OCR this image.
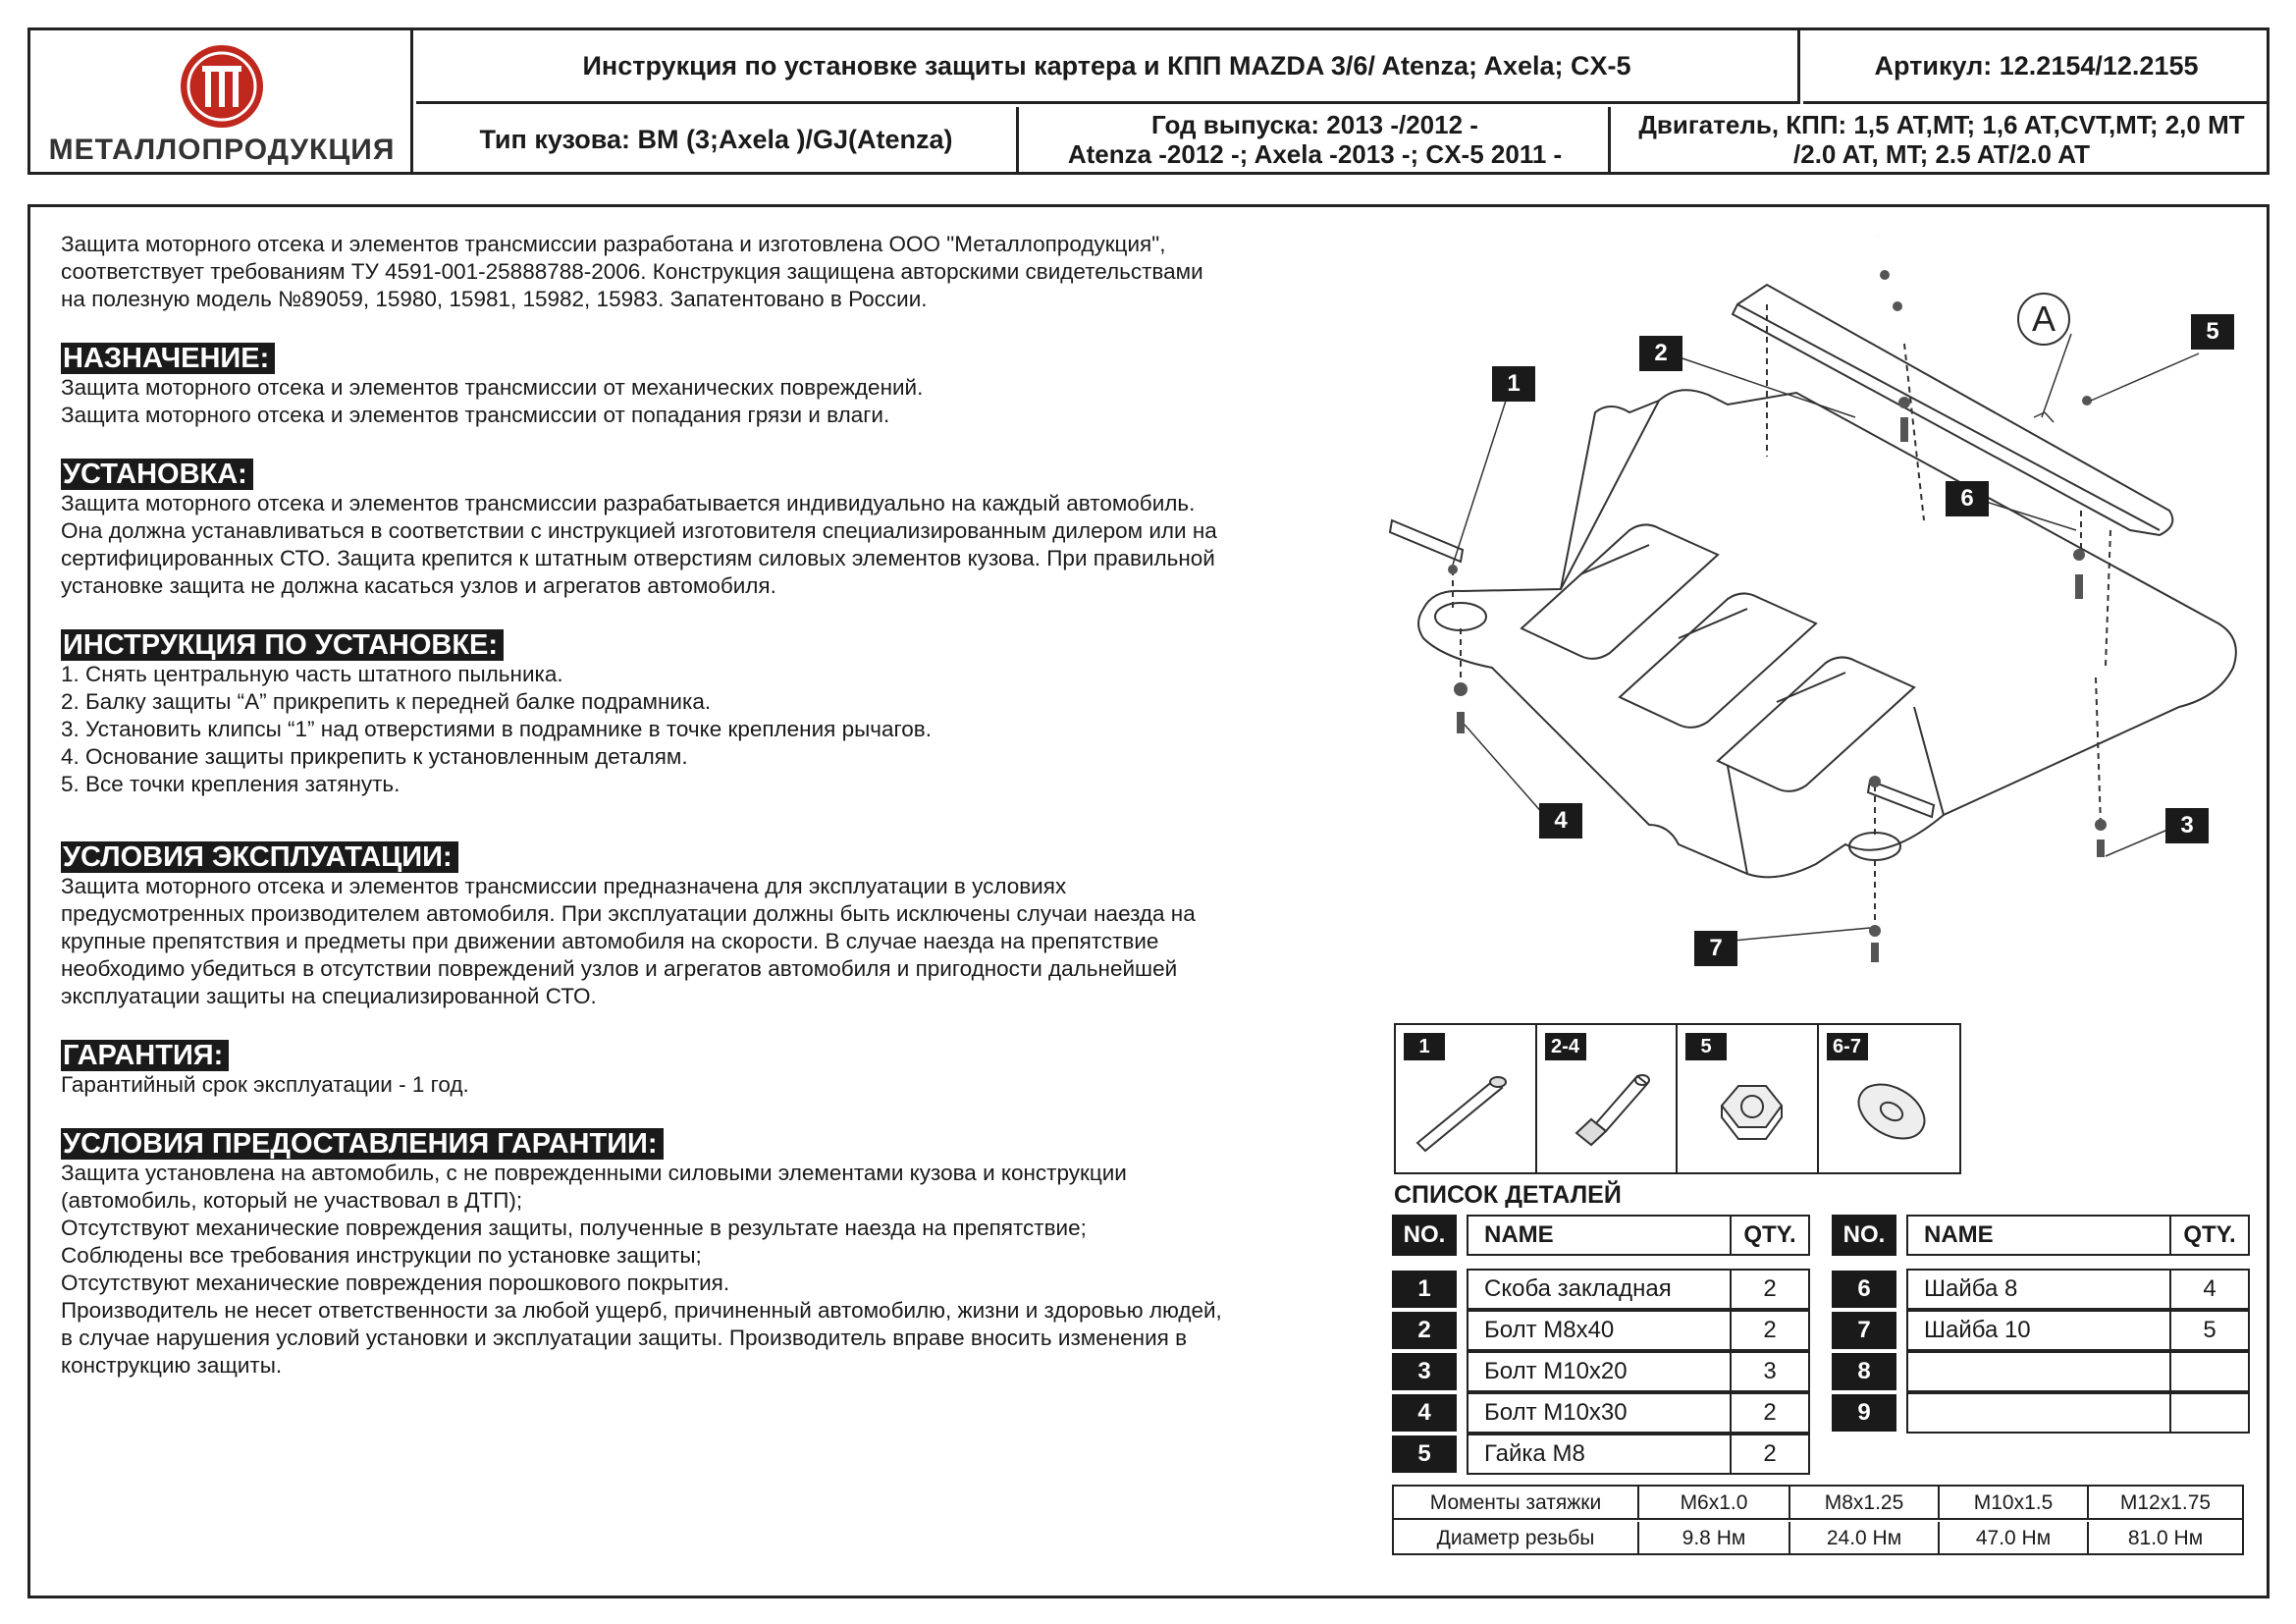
МЕТАЛЛОПРОДУКЦИЯ
Инструкция по установке защиты картера и КПП MAZDA 3/6/ Atenza; Axela; CX-5	Артикул: 12.2154/12.2155
Тип кузова: BM (3;Axela )/GJ(Atenza)	Год выпуска: 2013 -/2012 -
Atenza -2012 -; Axela -2013 -; CX-5 2011 -
Двигатель, КПП: 1,5 AT,MT; 1,6 AT,CVT,MT; 2,0 MT
/2.0 AT, MT; 2.5 AT/2.0 AT
Защита моторного отсека и элементов трансмиссии разработана и изготовлена ООО "Металлопродукция",
соответствует требованиям ТУ 4591-001-25888788-2006. Конструкция защищена авторскими свидетельствами
на полезную модель №89059, 15980, 15981, 15982, 15983. Запатентовано в России.
НАЗНАЧЕНИЕ:
Защита моторного отсека и элементов трансмиссии от механических повреждений.
Защита моторного отсека и элементов трансмиссии от попадания грязи и влаги.
УСТАНОВКА:
Защита моторного отсека и элементов трансмиссии разрабатывается индивидуально на каждый автомобиль.
Она должна устанавливаться в соответствии с инструкцией изготовителя специализированным дилером или на
сертифицированных СТО. Защита крепится к штатным отверстиям силовых элементов кузова. При правильной
установке защита не должна касаться узлов и агрегатов автомобиля.
ИНСТРУКЦИЯ ПО УСТАНОВКЕ:
1. Снять центральную часть штатного пыльника.
2. Балку защиты “А” прикрепить к передней балке подрамника.
3. Установить клипсы “1” над отверстиями в подрамнике в точке крепления рычагов.
4. Основание защиты прикрепить к установленным деталям.
5. Все точки крепления затянуть.
УСЛОВИЯ ЭКСПЛУАТАЦИИ:
Защита моторного отсека и элементов трансмиссии предназначена для эксплуатации в условиях
предусмотренных производителем автомобиля. При эксплуатации должны быть исключены случаи наезда на
крупные препятствия и предметы при движении автомобиля на скорости. В случае наезда на препятствие
необходимо убедиться в отсутствии повреждений узлов и агрегатов автомобиля и пригодности дальнейшей
эксплуатации защиты на специализированной СТО.
ГАРАНТИЯ:
Гарантийный срок эксплуатации - 1 год.
УСЛОВИЯ ПРЕДОСТАВЛЕНИЯ ГАРАНТИИ:
Защита установлена на автомобиль, с не поврежденными силовыми элементами кузова и конструкции
(автомобиль, который не участвовал в ДТП);
Отсутствуют механические повреждения защиты, полученные в результате наезда на препятствие;
Соблюдены все требования инструкции по установке защиты;
Отсутствуют механические повреждения порошкового покрытия.
Производитель не несет ответственности за любой ущерб, причиненный автомобилю, жизни и здоровью людей,
в случае нарушения условий установки и эксплуатации защиты. Производитель вправе вносить изменения в
конструкцию защиты.
A
1
2
3
4
5
6
7
1	2-4	5	6-7
СПИСОК ДЕТАЛЕЙ
NO.	NAME	QTY.
1	Скоба закладная	2
2	Болт М8х40	2
3	Болт М10х20	3
4	Болт М10х30	2
5	Гайка М8	2
NO.	NAME	QTY.
6	Шайба 8	4
7	Шайба 10	5
8
9
Моменты затяжки	М6х1.0	М8х1.25	М10х1.5	М12х1.75
Диаметр резьбы	9.8 Нм	24.0 Нм	47.0 Нм	81.0 Нм
